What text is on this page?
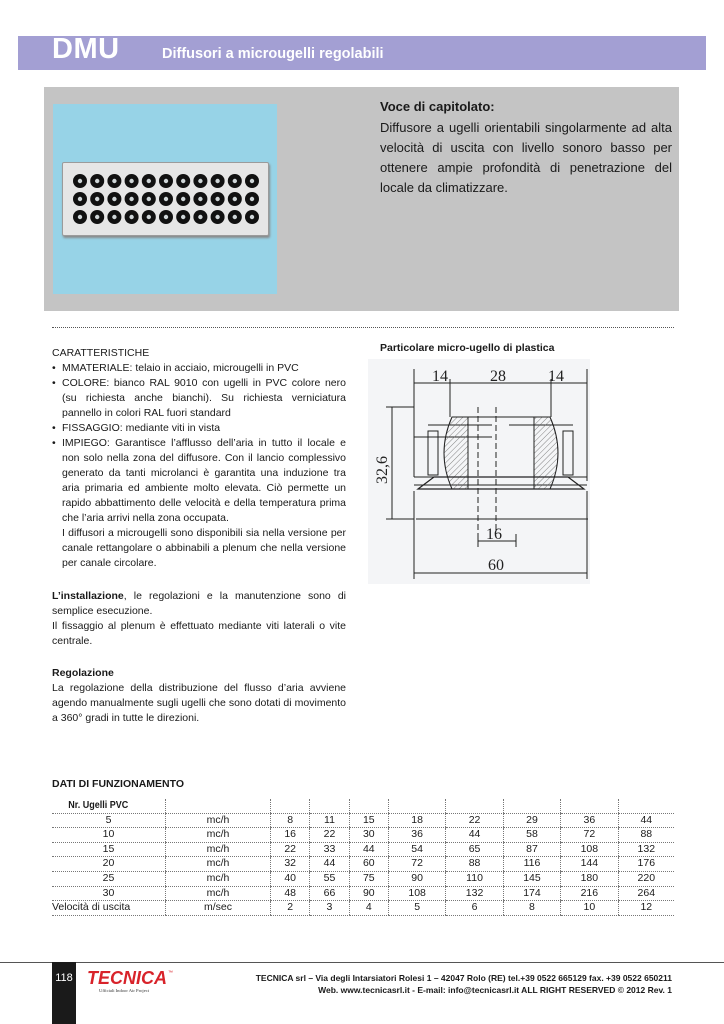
DMU	Diffusori a microugelli regolabili
Voce di capitolato:
Diffusore a ugelli orientabili singolarmente ad alta velocità di uscita con livello sonoro basso per ottenere ampie profondità di penetrazione del locale da climatizzare.
CARATTERISTICHE
• MMATERIALE: telaio in acciaio, microugelli in PVC
• COLORE: bianco RAL 9010 con ugelli in PVC colore nero (su richiesta anche bianchi). Su richiesta verniciatura pannello in colori RAL fuori standard
• FISSAGGIO: mediante viti in vista
• IMPIEGO: Garantisce l’afflusso dell’aria in tutto il locale e non solo nella zona del diffusore. Con il lancio complessivo generato da tanti microlanci è garantita una induzione tra aria primaria ed ambiente molto elevata. Ciò permette un rapido abbattimento delle velocità e della temperatura prima che l’aria arrivi nella zona occupata.
I diffusori a microugelli sono disponibili sia nella versione per canale rettangolare o abbinabili a plenum che nella versione per canale circolare.
L’installazione, le regolazioni e la manutenzione sono di semplice esecuzione.
Il fissaggio al plenum è effettuato mediante viti laterali o vite centrale.
Regolazione
La regolazione della distribuzione del flusso d’aria avviene agendo manualmente sugli ugelli che sono dotati di movimento a 360° gradi in tutte le direzioni.
Particolare micro-ugello di plastica
14	28	14
32,6
16
60
DATI DI FUNZIONAMENTO
Nr. Ugelli PVC									
5	mc/h	8	11	15	18	22	29	36	44
10	mc/h	16	22	30	36	44	58	72	88
15	mc/h	22	33	44	54	65	87	108	132
20	mc/h	32	44	60	72	88	116	144	176
25	mc/h	40	55	75	90	110	145	180	220
30	mc/h	48	66	90	108	132	174	216	264
Velocità di uscita	m/sec	2	3	4	5	6	8	10	12
118 TECNICA ™
Ufficiali Indoor Air Project
TECNICA srl – Via degli Intarsiatori Rolesi 1 – 42047 Rolo (RE) tel.+39 0522 665129 fax. +39 0522 650211
Web. www.tecnicasrl.it - E-mail: info@tecnicasrl.it ALL RIGHT RESERVED © 2012 Rev. 1
